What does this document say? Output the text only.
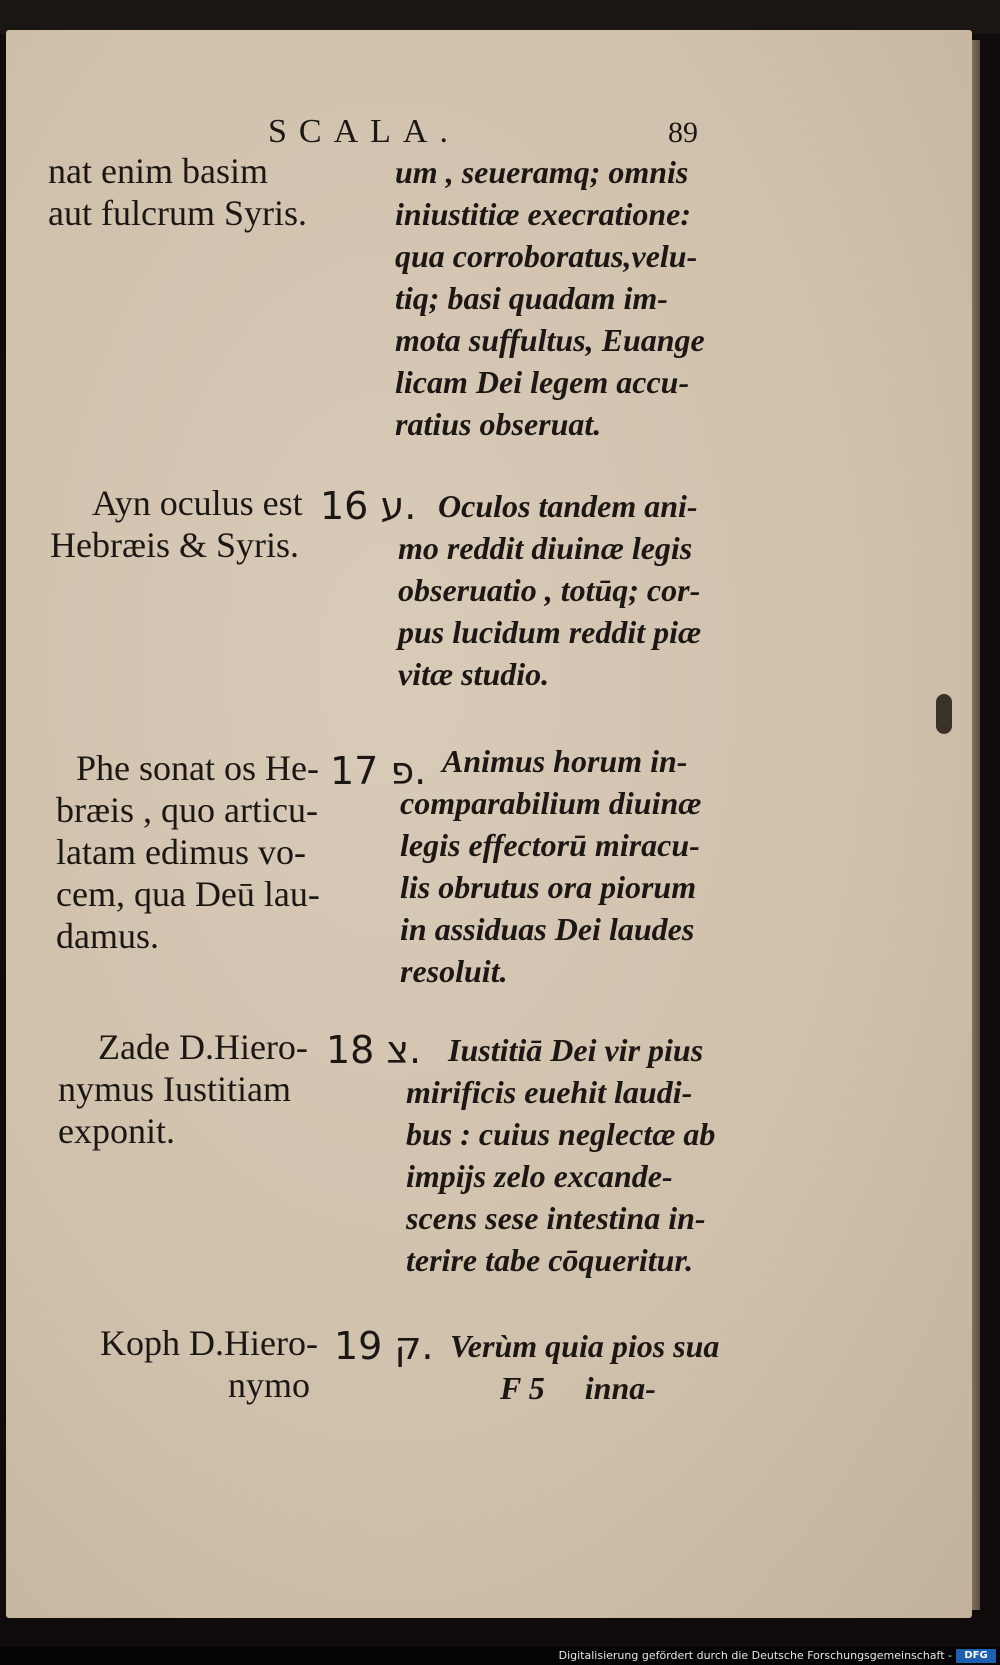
SCALA.	89
nat enim basim
aut fulcrum Syris.
um , seueramq; omnis
iniustitiæ execratione:
qua corroboratus,velu-
tiq; basi quadam im-
mota suffultus, Euange
licam Dei legem accu-
ratius obseruat.
Ayn oculus est
Hebræis & Syris.
ע 16. Oculos tandem ani-
mo reddit diuinæ legis
obseruatio , totūq; cor-
pus lucidum reddit piæ
vitæ studio.
Phe sonat os He-
bræis , quo articu-
latam edimus vo-
cem, qua Deū lau-
damus.
פ 17. Animus horum in-
comparabilium diuinæ
legis effectorū miracu-
lis obrutus ora piorum
in assiduas Dei laudes
resoluit.
Zade D.Hiero-
nymus Iustitiam
exponit.
צ 18. Iustitiā Dei vir pius
mirificis euehit laudi-
bus : cuius neglectæ ab
impijs zelo excande-
scens sese intestina in-
terire tabe cōqueritur.
Koph D.Hiero-
nymo
ק 19. Verùm quia pios sua
F 5     inna-
Digitalisierung gefördert durch die Deutsche Forschungsgemeinschaft -	DFG
